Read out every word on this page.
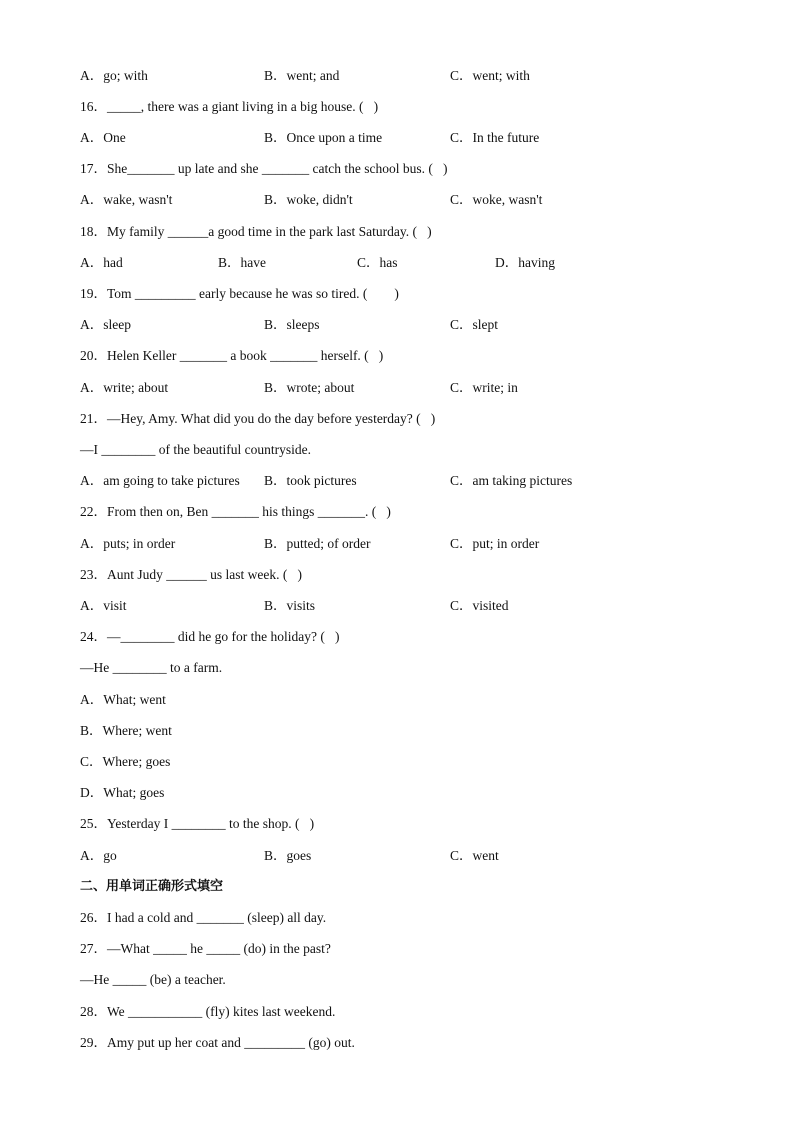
A．go; with	B．went; and	C．went; with
16．_____, there was a giant living in a big house. (   )
A．One	B．Once upon a time	C．In the future
17．She_______ up late and she _______ catch the school bus. (   )
A．wake, wasn't	B．woke, didn't	C．woke, wasn't
18．My family ______a good time in the park last Saturday. (   )
A．had	B．have	C．has	D．having
19．Tom _________ early because he was so tired. (        )
A．sleep	B．sleeps	C．slept
20．Helen Keller _______ a book _______ herself. (   )
A．write; about	B．wrote; about	C．write; in
21．—Hey, Amy. What did you do the day before yesterday? (   )
—I ________ of the beautiful countryside.
A．am going to take pictures B．took pictures	C．am taking pictures
22．From then on, Ben _______ his things _______. (   )
A．puts; in order	B．putted; of order	C．put; in order
23．Aunt Judy ______ us last week. (   )
A．visit	B．visits	C．visited
24．—________ did he go for the holiday? (   )
—He ________ to a farm.
A．What; went
B．Where; went
C．Where; goes
D．What; goes
25．Yesterday I ________ to the shop. (   )
A．go	B．goes	C．went
二、用单词正确形式填空
26．I had a cold and _______ (sleep) all day.
27．—What _____ he _____ (do) in the past?
—He _____ (be) a teacher.
28．We ___________ (fly) kites last weekend.
29．Amy put up her coat and _________ (go) out.
